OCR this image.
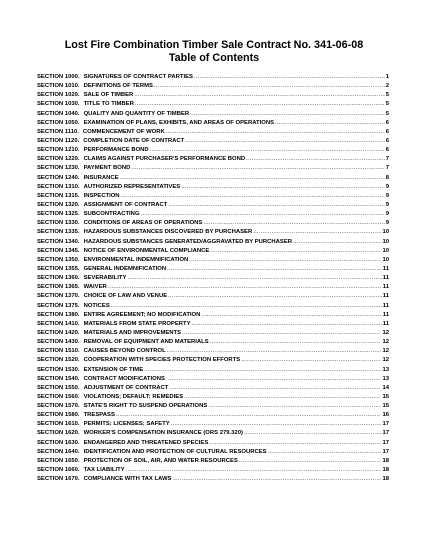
Lost Fire Combination Timber Sale Contract No. 341-06-08
Table of Contents
SECTION 1000. SIGNATURES OF CONTRACT PARTIES .....	1
SECTION 1010. DEFINITIONS OF TERMS .....	2
SECTION 1020. SALE OF TIMBER .....	5
SECTION 1030. TITLE TO TIMBER .....	5
SECTION 1040. QUALITY AND QUANTITY OF TIMBER .....	5
SECTION 1050. EXAMINATION OF PLANS, EXHIBITS, AND AREAS OF OPERATIONS .....	6
SECTION 1110. COMMENCEMENT OF WORK .....	6
SECTION 1120. COMPLETION DATE OF CONTRACT .....	6
SECTION 1210. PERFORMANCE BOND .....	6
SECTION 1220. CLAIMS AGAINST PURCHASER'S PERFORMANCE BOND .....	7
SECTION 1230. PAYMENT BOND .....	7
SECTION 1240. INSURANCE .....	8
SECTION 1310. AUTHORIZED REPRESENTATIVES .....	9
SECTION 1315. INSPECTION .....	9
SECTION 1320. ASSIGNMENT OF CONTRACT .....	9
SECTION 1325. SUBCONTRACTING .....	9
SECTION 1330. CONDITIONS OF AREAS OF OPERATIONS .....	9
SECTION 1335. HAZARDOUS SUBSTANCES DISCOVERED BY PURCHASER .....	10
SECTION 1340. HAZARDOUS SUBSTANCES GENERATED/AGGRAVATED BY PURCHASER .....	10
SECTION 1345. NOTICE OF ENVIRONMENTAL COMPLIANCE .....	10
SECTION 1350. ENVIRONMENTAL INDEMNIFICATION .....	10
SECTION 1355. GENERAL INDEMNIFICATION .....	11
SECTION 1360. SEVERABILITY .....	11
SECTION 1365. WAIVER .....	11
SECTION 1370. CHOICE OF LAW AND VENUE .....	11
SECTION 1375. NOTICES .....	11
SECTION 1380. ENTIRE AGREEMENT; NO MODIFICATION .....	11
SECTION 1410. MATERIALS FROM STATE PROPERTY .....	11
SECTION 1420. MATERIALS AND IMPROVEMENTS .....	12
SECTION 1430. REMOVAL OF EQUIPMENT AND MATERIALS .....	12
SECTION 1510. CAUSES BEYOND CONTROL .....	12
SECTION 1520. COOPERATION WITH SPECIES PROTECTION EFFORTS .....	12
SECTION 1530. EXTENSION OF TIME .....	13
SECTION 1540. CONTRACT MODIFICATIONS .....	13
SECTION 1550. ADJUSTMENT OF CONTRACT .....	14
SECTION 1560. VIOLATIONS; DEFAULT; REMEDIES .....	15
SECTION 1570. STATE'S RIGHT TO SUSPEND OPERATIONS .....	15
SECTION 1580. TRESPASS .....	16
SECTION 1610. PERMITS; LICENSES; SAFETY .....	17
SECTION 1620. WORKER'S COMPENSATION INSURANCE (ORS 279.320) .....	17
SECTION 1630. ENDANGERED AND THREATENED SPECIES .....	17
SECTION 1640. IDENTIFICATION AND PROTECTION OF CULTURAL RESOURCES .....	17
SECTION 1650. PROTECTION OF SOIL, AIR, AND WATER RESOURCES .....	18
SECTION 1660. TAX LIABILITY .....	18
SECTION 1670. COMPLIANCE WITH TAX LAWS .....	18
